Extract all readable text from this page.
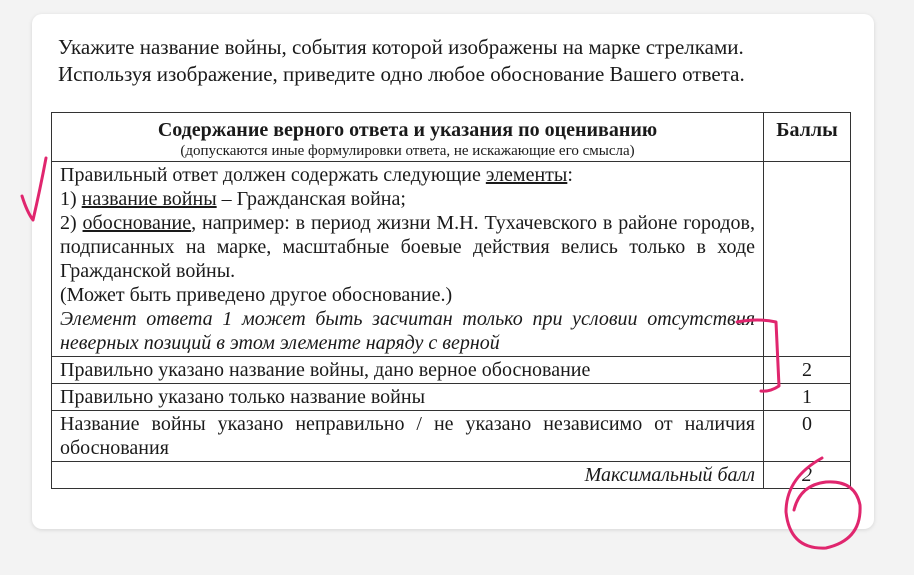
Укажите название войны, события которой изображены на марке стрелками.
Используя изображение, приведите одно любое обоснование Вашего ответа.
Содержание верного ответа и указания по оцениванию
(допускаются иные формулировки ответа, не искажающие его смысла)	Баллы

Правильный ответ должен содержать следующие элементы:
1) название войны – Гражданская война;
2) обоснование, например: в период жизни М.Н. Тухачевского в районе городов, подписанных на марке, масштабные боевые действия велись только в ходе Гражданской войны.
(Может быть приведено другое обоснование.)
Элемент ответа 1 может быть засчитан только при условии отсутствия неверных позиций в этом элементе наряду с верной	

Правильно указано название войны, дано верное обоснование	2
Правильно указано только название войны	1
Название войны указано неправильно / не указано независимо от наличия обоснования	0
Максимальный балл	2
